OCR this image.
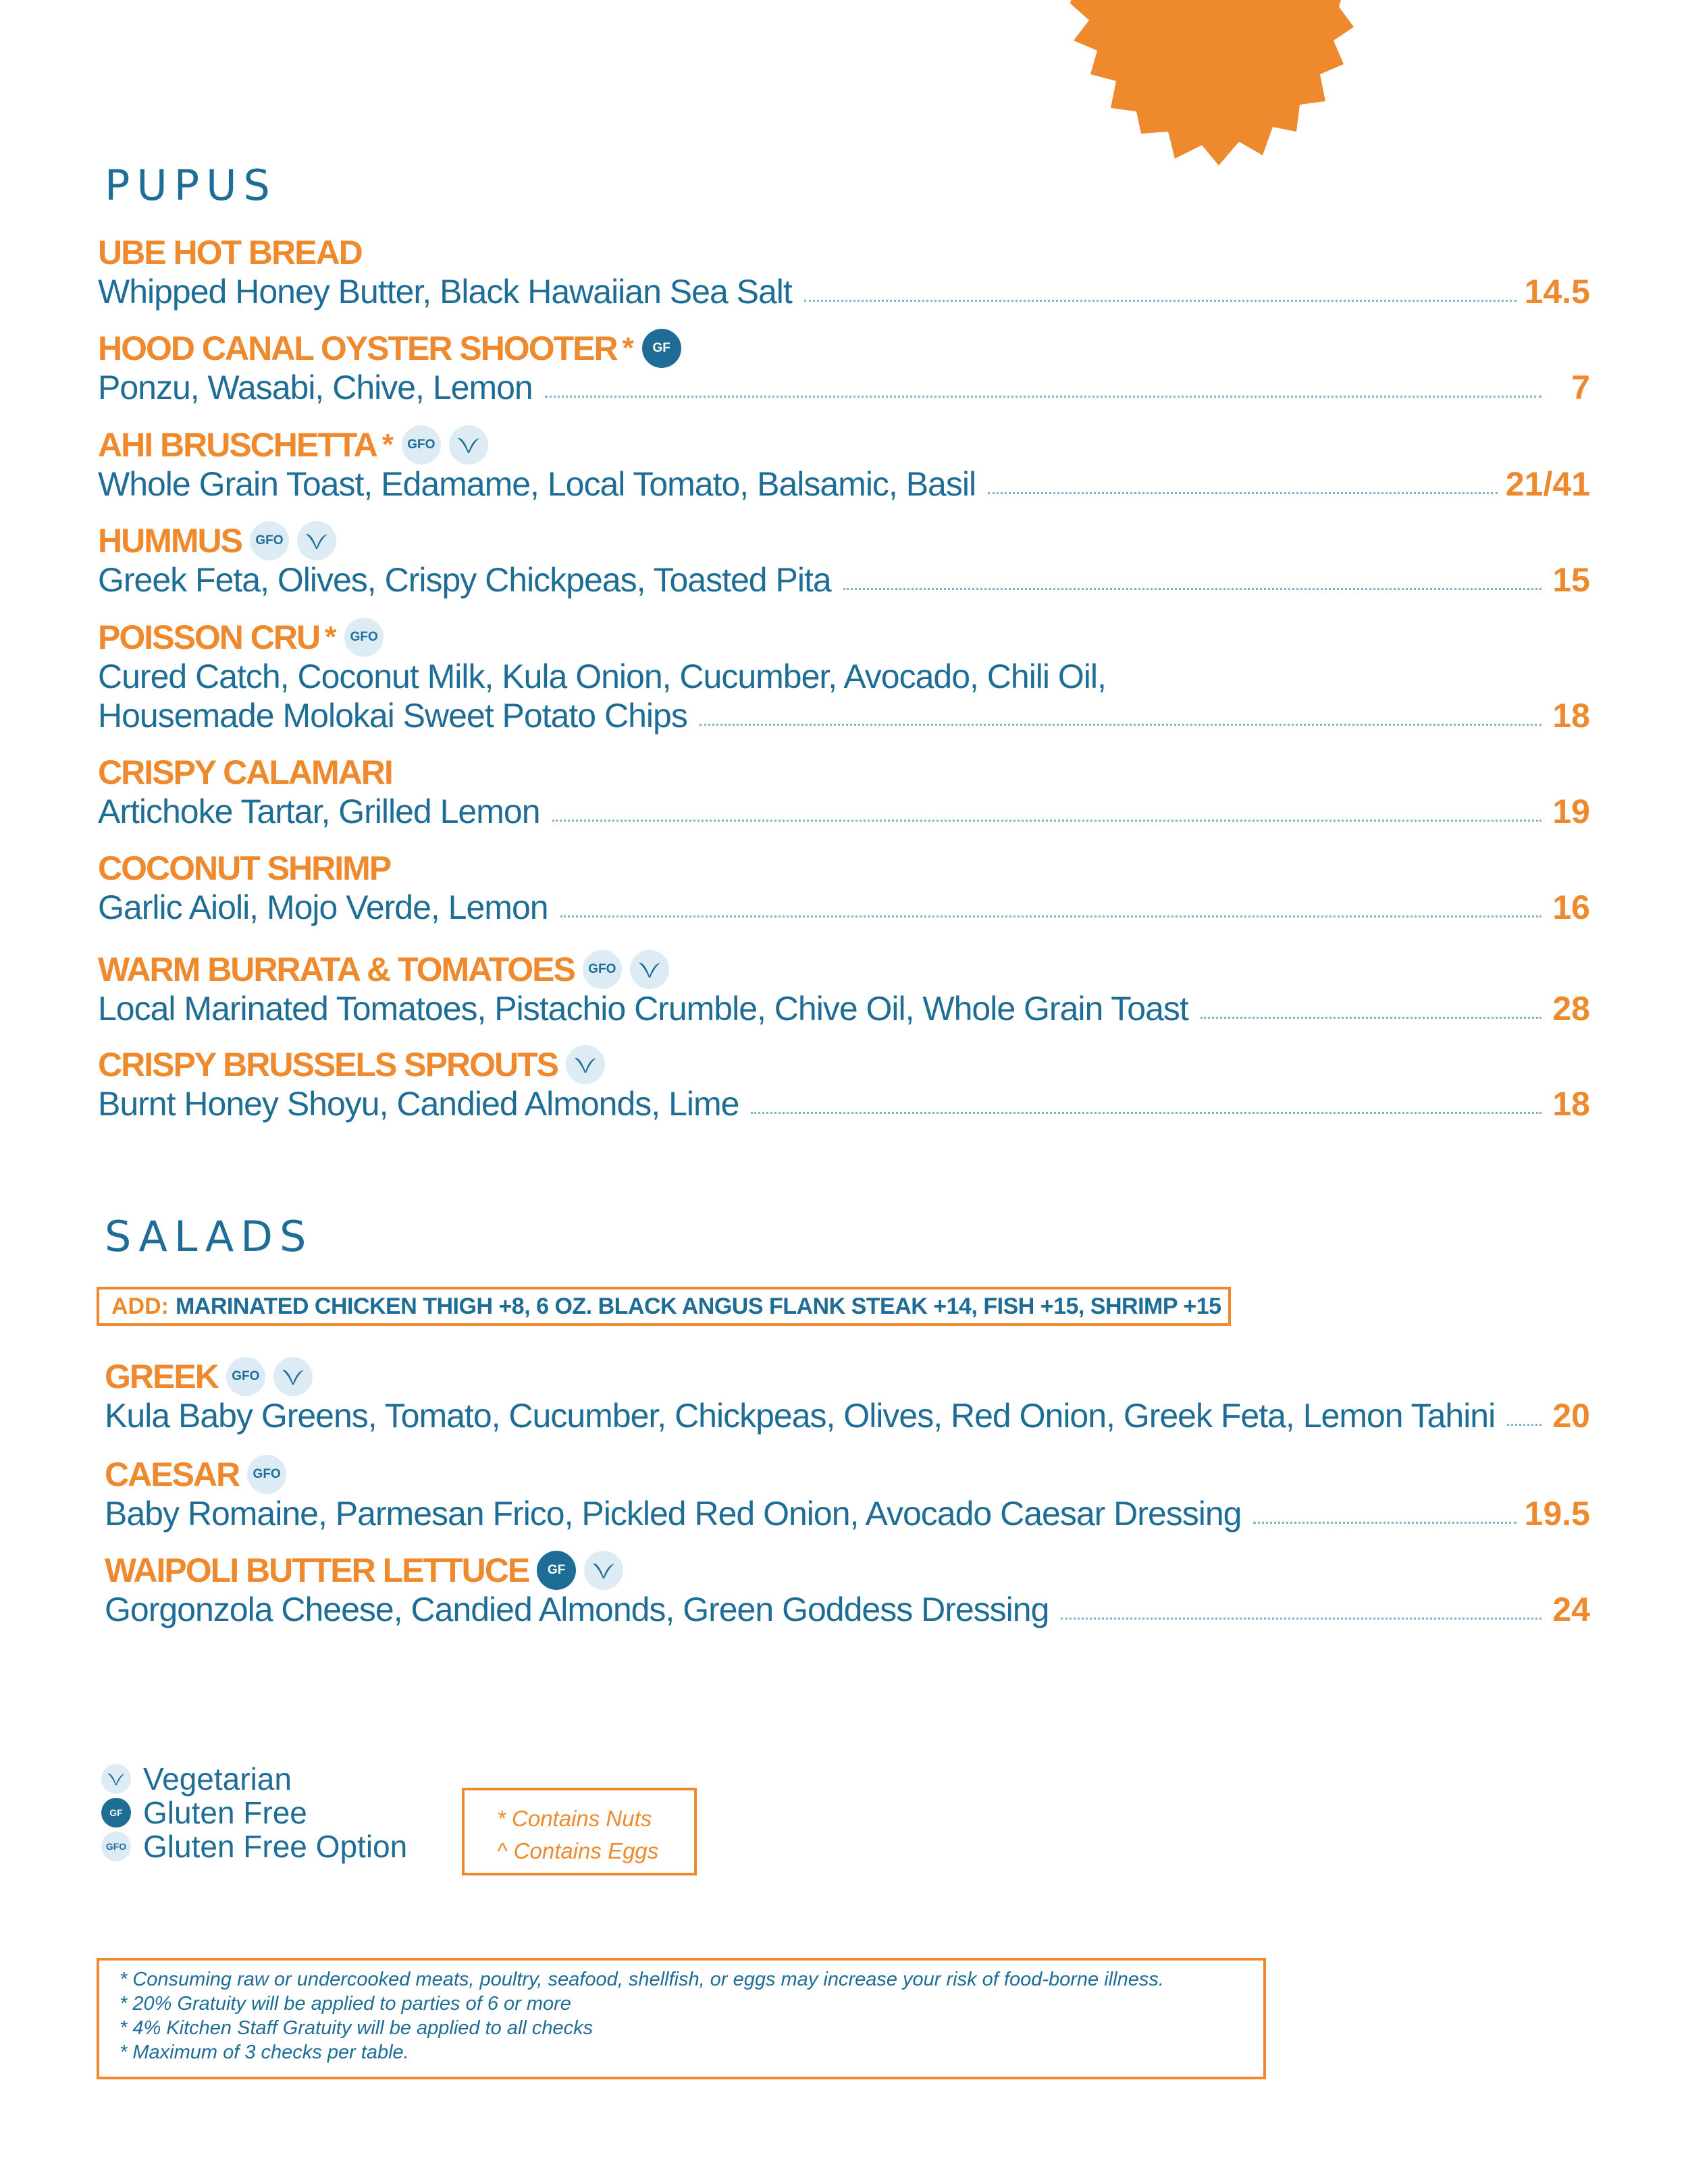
PUPUS
UBE HOT BREAD
Whipped Honey Butter, Black Hawaiian Sea Salt	14.5
HOOD CANAL OYSTER SHOOTER *	GF
Ponzu, Wasabi, Chive, Lemon	7
AHI BRUSCHETTA *	GFO
Whole Grain Toast, Edamame, Local Tomato, Balsamic, Basil	21/41
HUMMUS	GFO
Greek Feta, Olives, Crispy Chickpeas, Toasted Pita	15
POISSON CRU *	GFO
Cured Catch, Coconut Milk, Kula Onion, Cucumber, Avocado, Chili Oil,
Housemade Molokai Sweet Potato Chips	18
CRISPY CALAMARI
Artichoke Tartar, Grilled Lemon	19
COCONUT SHRIMP
Garlic Aioli, Mojo Verde, Lemon	16
WARM BURRATA & TOMATOES	GFO
Local Marinated Tomatoes, Pistachio Crumble, Chive Oil, Whole Grain Toast	28
CRISPY BRUSSELS SPROUTS
Burnt Honey Shoyu, Candied Almonds, Lime	18
SALADS
ADD: MARINATED CHICKEN THIGH +8, 6 OZ. BLACK ANGUS FLANK STEAK +14, FISH +15, SHRIMP +15
GREEK	GFO
Kula Baby Greens, Tomato, Cucumber, Chickpeas, Olives, Red Onion, Greek Feta, Lemon Tahini 20
CAESAR	GFO
Baby Romaine, Parmesan Frico, Pickled Red Onion, Avocado Caesar Dressing	19.5
WAIPOLI BUTTER LETTUCE	GF
Gorgonzola Cheese, Candied Almonds, Green Goddess Dressing	24
Vegetarian
GF Gluten Free
GFO Gluten Free Option
* Contains Nuts
^ Contains Eggs
* Consuming raw or undercooked meats, poultry, seafood, shellfish, or eggs may increase your risk of food-borne illness.
* 20% Gratuity will be applied to parties of 6 or more
* 4% Kitchen Staff Gratuity will be applied to all checks
* Maximum of 3 checks per table.
